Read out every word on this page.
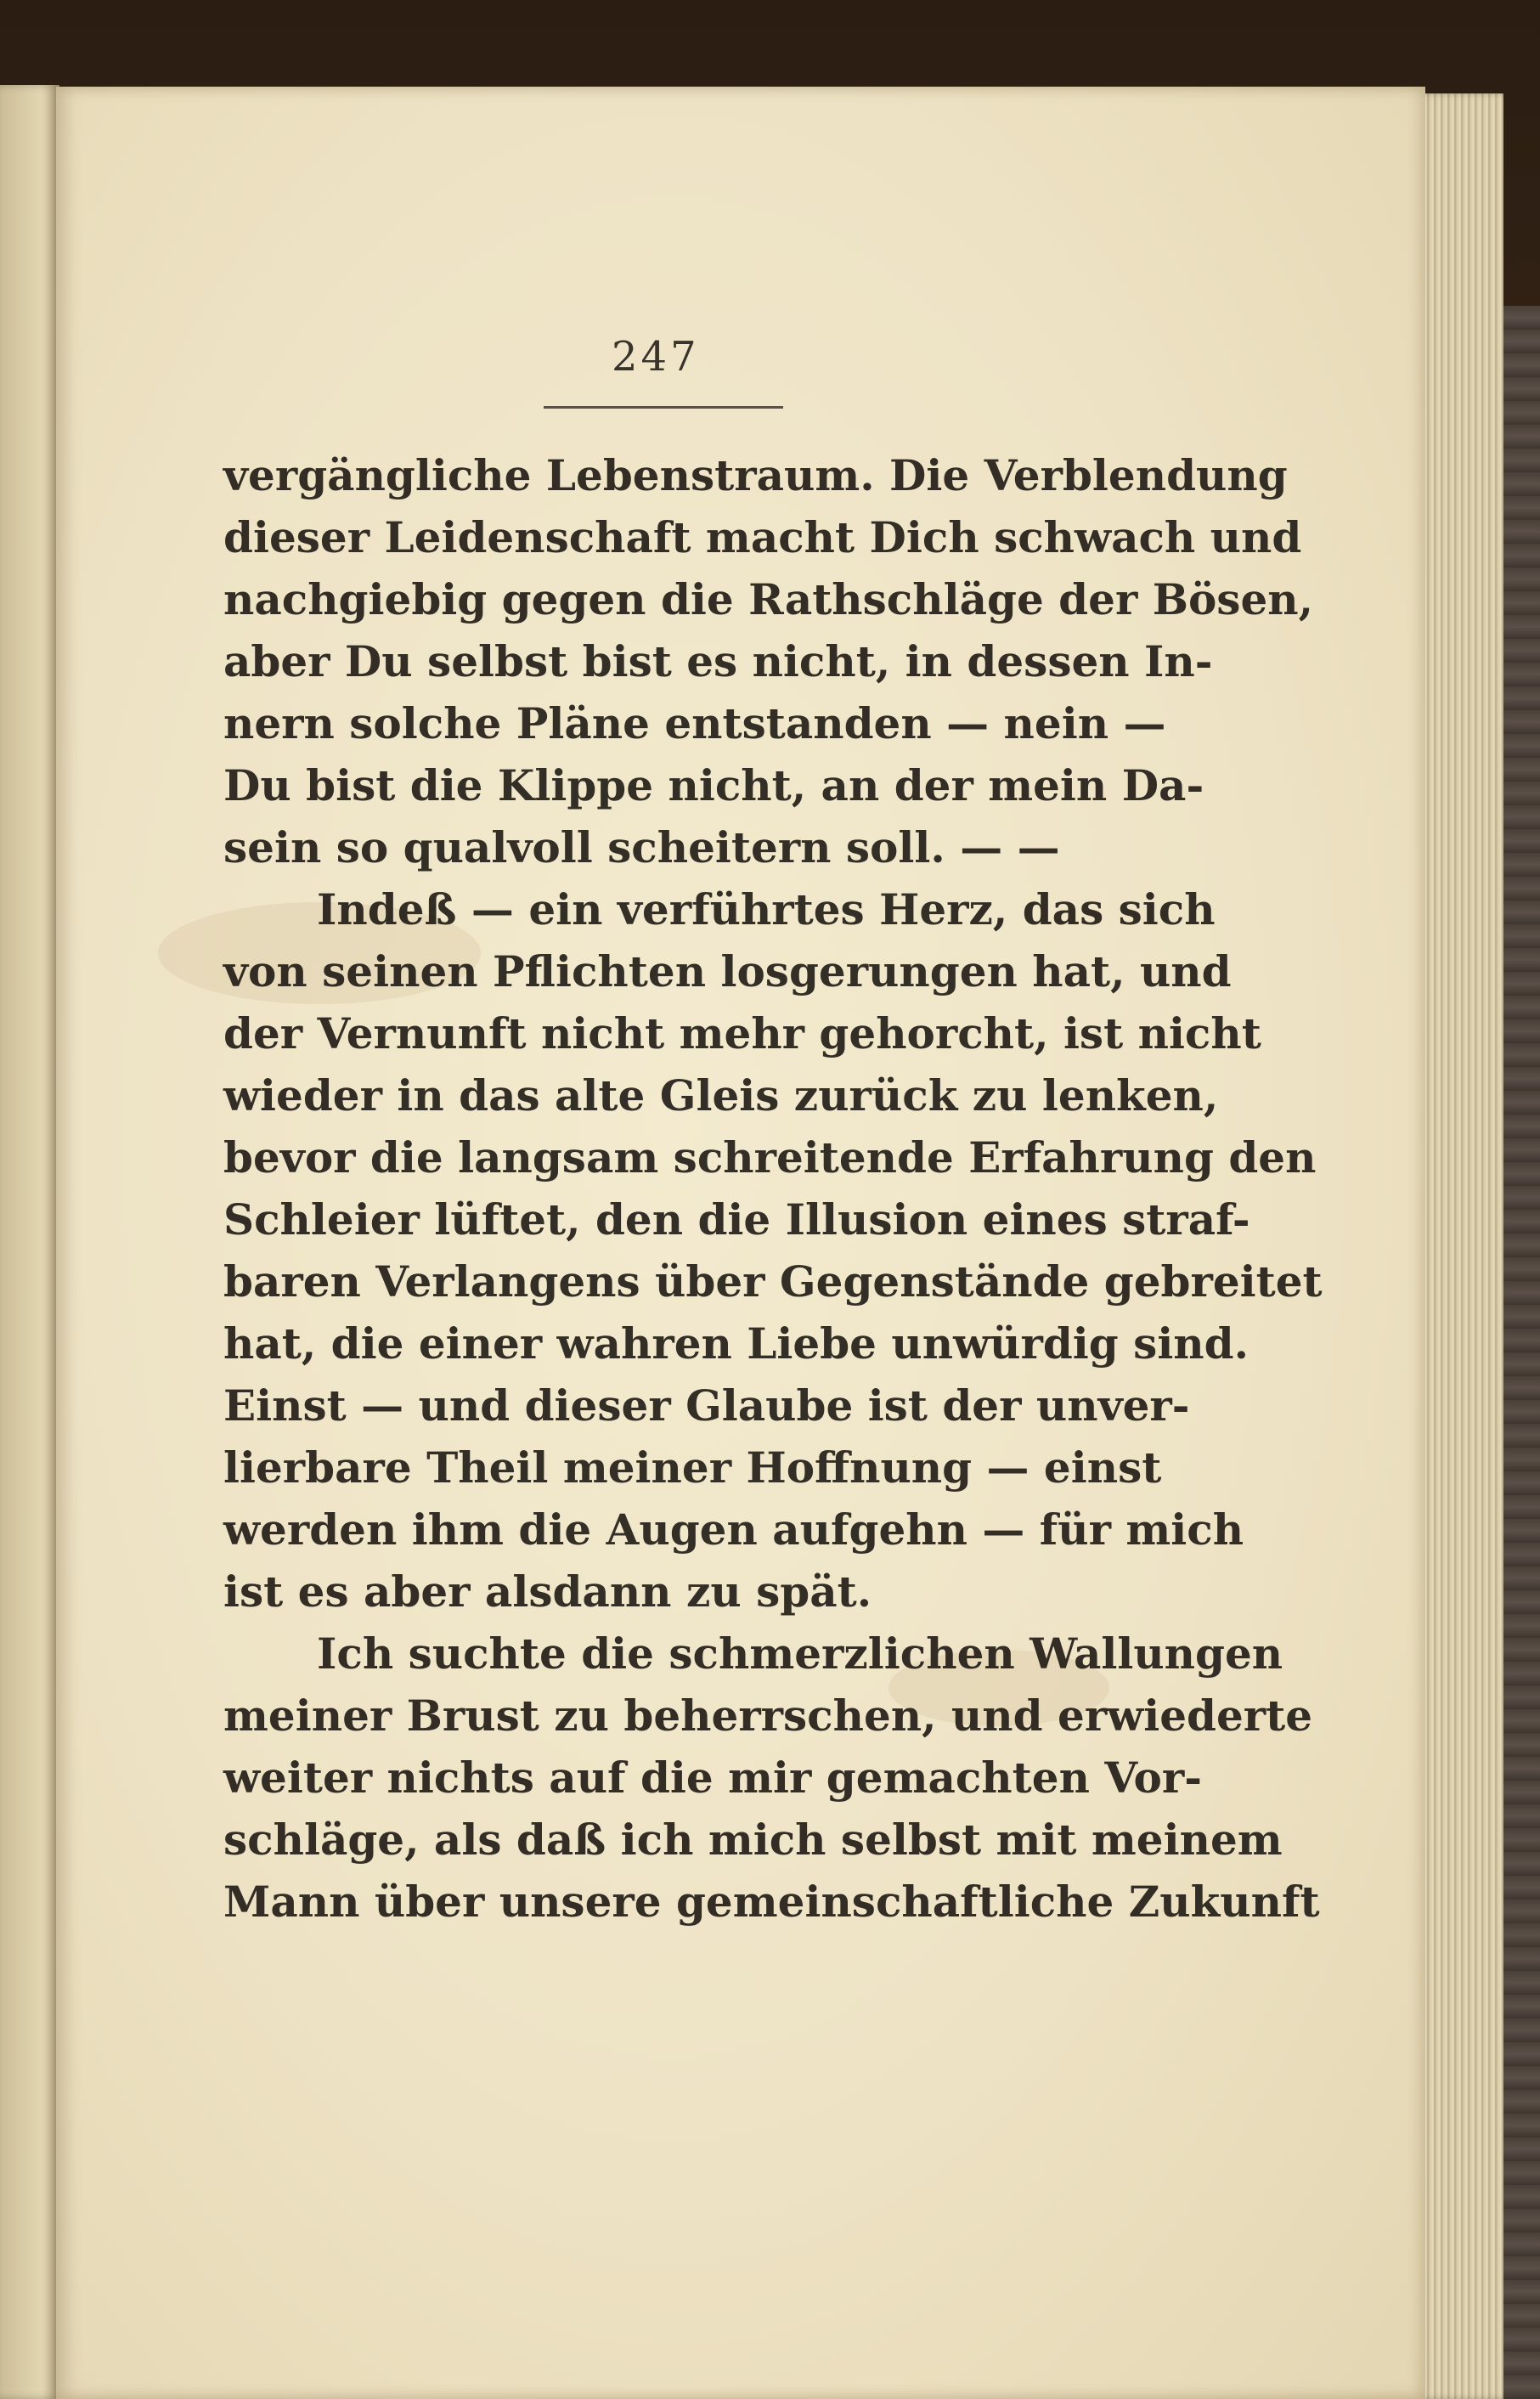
247
vergängliche Lebenstraum. Die Verblendung
dieser Leidenschaft macht Dich schwach und
nachgiebig gegen die Rathschläge der Bösen,
aber Du selbst bist es nicht, in dessen In-
nern solche Pläne entstanden — nein —
Du bist die Klippe nicht, an der mein Da-
sein so qualvoll scheitern soll. — —
Indeß — ein verführtes Herz, das sich
von seinen Pflichten losgerungen hat, und
der Vernunft nicht mehr gehorcht, ist nicht
wieder in das alte Gleis zurück zu lenken,
bevor die langsam schreitende Erfahrung den
Schleier lüftet, den die Illusion eines straf-
baren Verlangens über Gegenstände gebreitet
hat, die einer wahren Liebe unwürdig sind.
Einst — und dieser Glaube ist der unver-
lierbare Theil meiner Hoffnung — einst
werden ihm die Augen aufgehn — für mich
ist es aber alsdann zu spät.
Ich suchte die schmerzlichen Wallungen
meiner Brust zu beherrschen, und erwiederte
weiter nichts auf die mir gemachten Vor-
schläge, als daß ich mich selbst mit meinem
Mann über unsere gemeinschaftliche Zukunft
